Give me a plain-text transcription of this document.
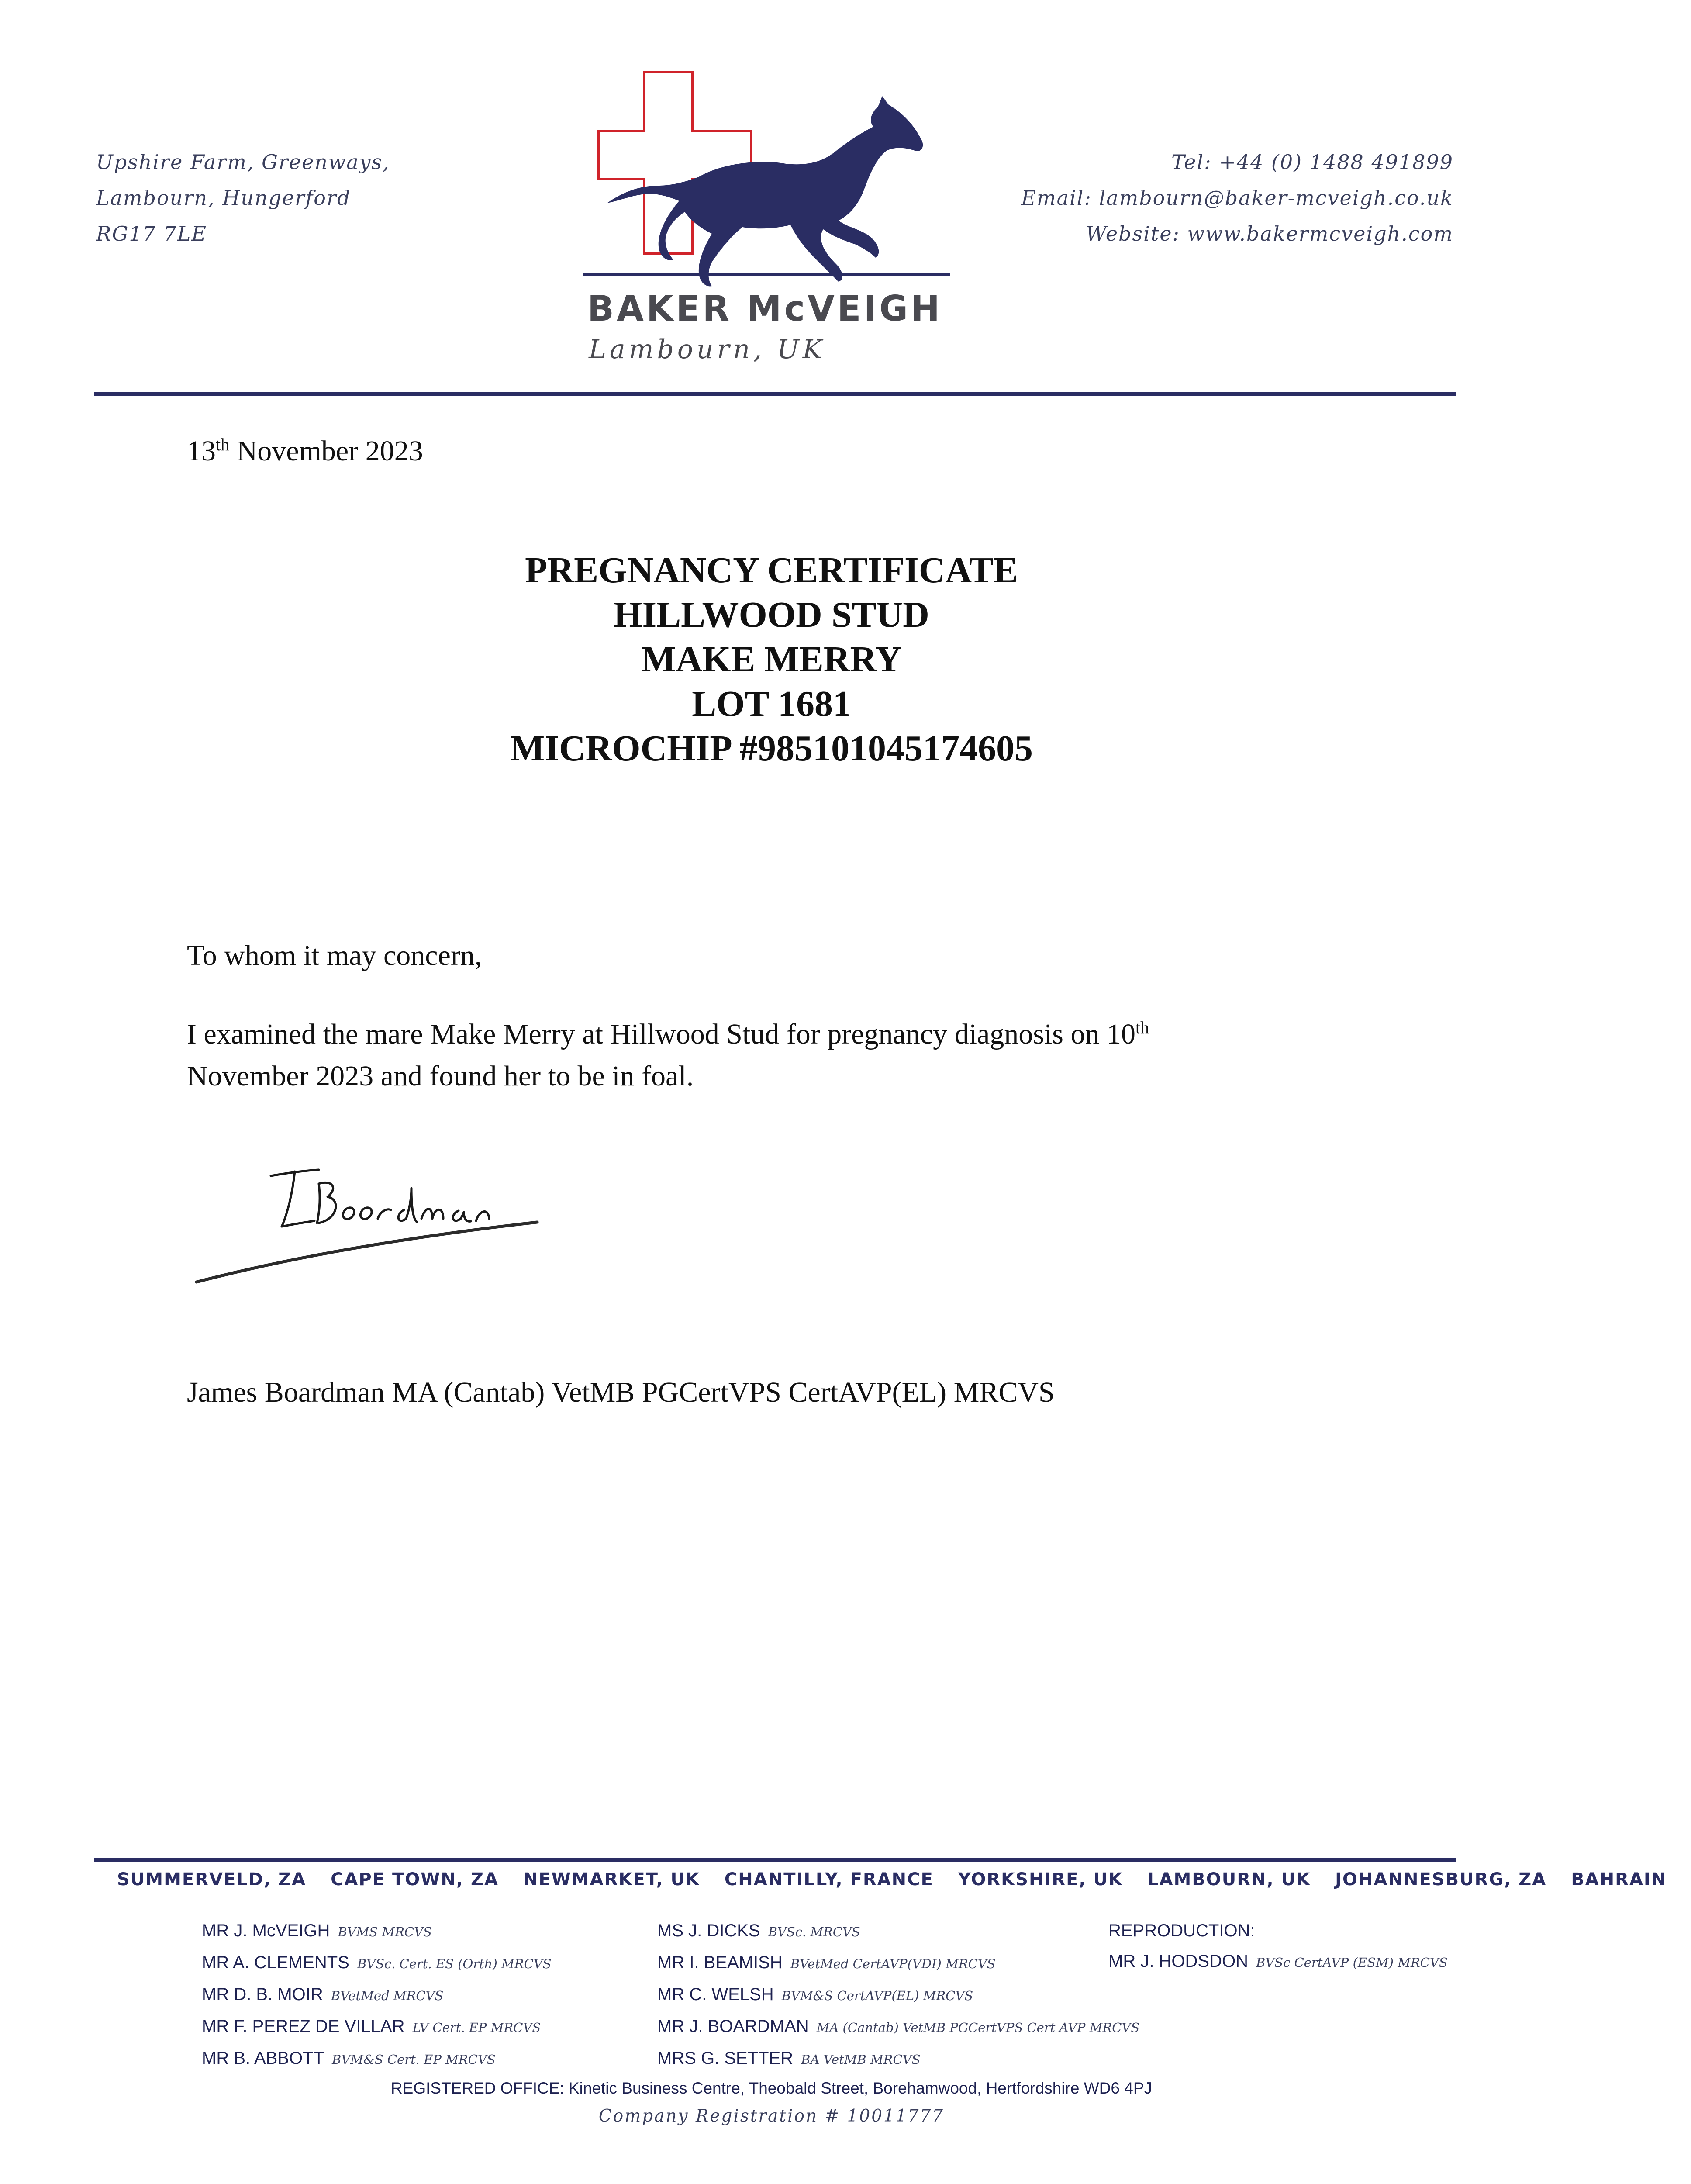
Upshire Farm, Greenways,
Lambourn, Hungerford
RG17 7LE
BAKER McVEIGH
Lambourn, UK
Tel: +44 (0) 1488 491899
Email: lambourn@baker-mcveigh.co.uk
Website: www.bakermcveigh.com
13th November 2023
PREGNANCY CERTIFICATE
HILLWOOD STUD
MAKE MERRY
LOT 1681
MICROCHIP #985101045174605
To whom it may concern,
I examined the mare Make Merry at Hillwood Stud for pregnancy diagnosis on 10th
November 2023 and found her to be in foal.
James Boardman MA (Cantab) VetMB PGCertVPS CertAVP(EL) MRCVS
SUMMERVELD, ZA CAPE TOWN, ZA NEWMARKET, UK CHANTILLY, FRANCE YORKSHIRE, UK LAMBOURN, UK JOHANNESBURG, ZA BAHRAIN
MR J. McVEIGH BVMS MRCVS
MR A. CLEMENTS BVSc. Cert. ES (Orth) MRCVS
MR D. B. MOIR BVetMed MRCVS
MR F. PEREZ DE VILLAR LV Cert. EP MRCVS
MR B. ABBOTT BVM&S Cert. EP MRCVS
MS J. DICKS BVSc. MRCVS
MR I. BEAMISH BVetMed CertAVP(VDI) MRCVS
MR C. WELSH BVM&S CertAVP(EL) MRCVS
MR J. BOARDMAN MA (Cantab) VetMB PGCertVPS Cert AVP MRCVS
MRS G. SETTER BA VetMB MRCVS
REPRODUCTION:
MR J. HODSDON BVSc CertAVP (ESM) MRCVS
REGISTERED OFFICE: Kinetic Business Centre, Theobald Street, Borehamwood, Hertfordshire WD6 4PJ
Company Registration # 10011777
